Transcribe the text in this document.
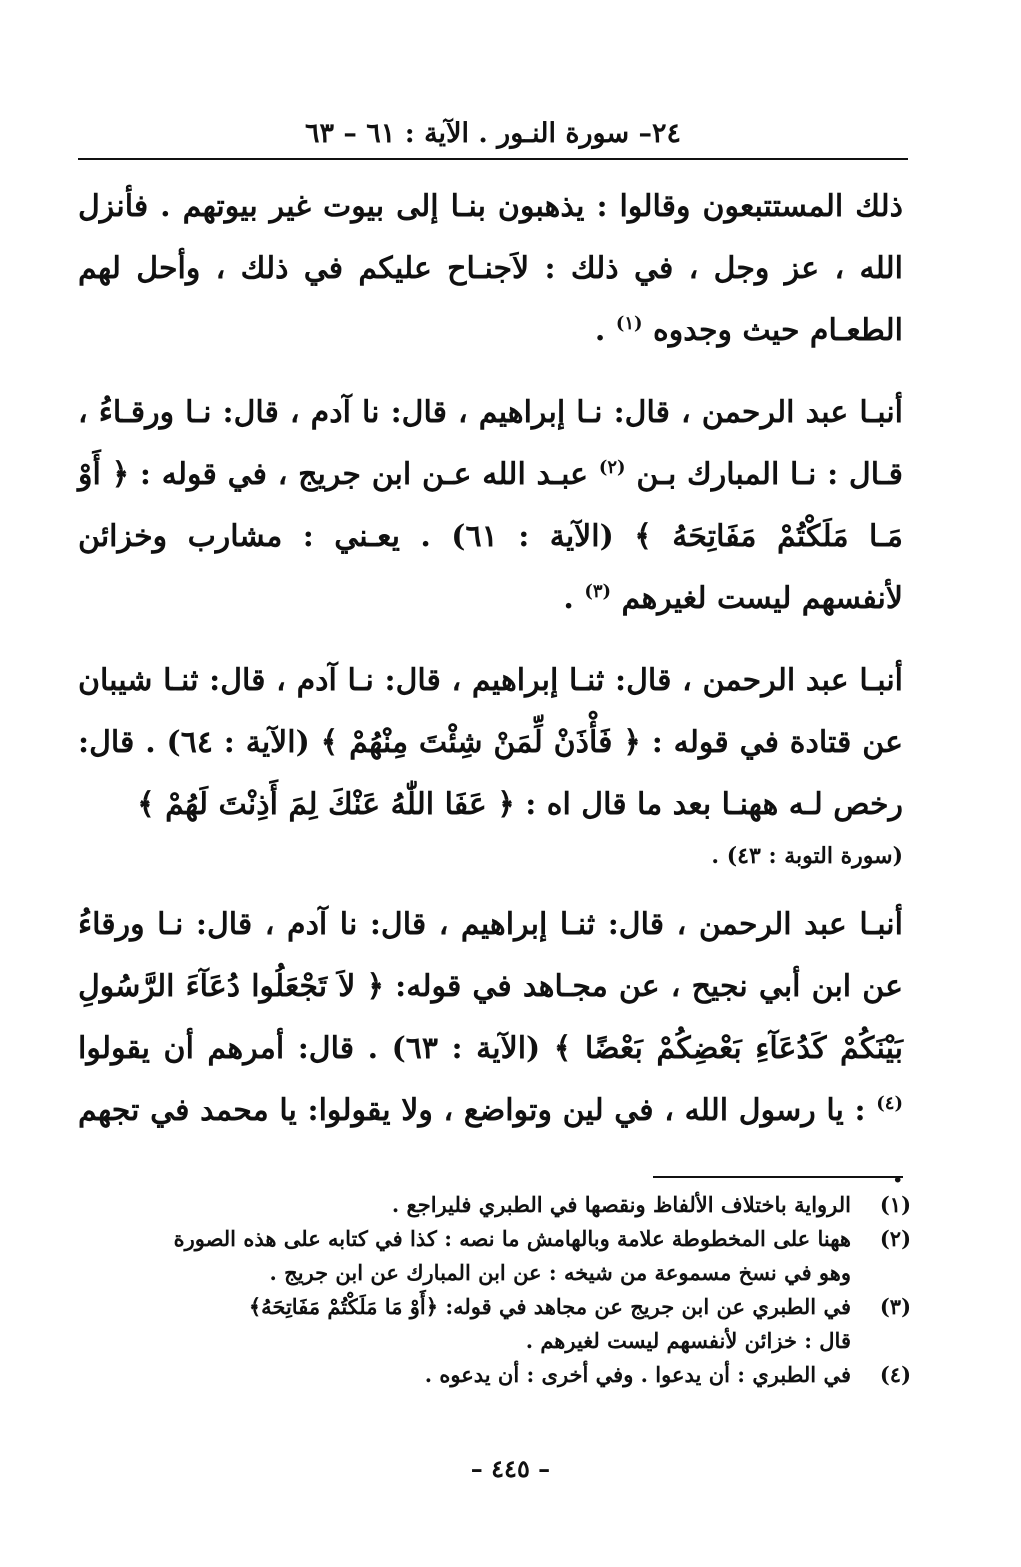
٢٤– سورة النـور . الآية : ٦١ – ٦٣

ذلك المستتبعون وقالوا : يذهبون بنـا إلى بيوت غير بيوتهم . فأنزل الله ، عز وجل ، في ذلك : لاَجنـاح عليكم في ذلك ، وأحل لهم الطعـام حيث وجدوه $^{(١)}$ .

أنبـا عبد الرحمن ، قال: نـا إبراهيم ، قال: نا آدم ، قال: نـا ورقـاءُ ، قـال : نـا المبارك بـن $^{(٢)}$ عبـد الله عـن ابن جريج ، في قوله : ﴿ أَوْ مَـا مَلَكْتُمْ مَفَاتِحَهُ ﴾ (الآية : ٦١) . يعـني : مشارب وخزائن لأنفسهم ليست لغيرهم $^{(٣)}$ .

أنبـا عبد الرحمن ، قال: ثنـا إبراهيم ، قال: نـا آدم ، قال: ثنـا شيبان عن قتادة في قوله : ﴿ فَأْذَنْ لِّمَنْ شِئْتَ مِنْهُمْ ﴾ (الآية : ٦٤) . قال: رخص لـه ههنـا بعد ما قال اه : ﴿ عَفَا اللّٰهُ عَنْكَ لِمَ أَذِنْتَ لَهُمْ ﴾

(سورة التوبة : ٤٣) .

أنبـا عبد الرحمن ، قال: ثنـا إبراهيم ، قال: نا آدم ، قال: نـا ورقاءُ عن ابن أبي نجيح ، عن مجـاهد في قوله: ﴿ لاَ تَجْعَلُوا دُعَآءَ الرَّسُولِ بَيْنَكُمْ كَدُعَآءِ بَعْضِكُمْ بَعْضًا ﴾ (الآية : ٦٣) . قال: أمرهم أن يقولوا $^{(٤)}$ : يا رسول الله ، في لين وتواضع ، ولا يقولوا: يا محمد في تجهم .

(١)
الرواية باختلاف الألفاظ ونقصها في الطبري فليراجع .
(٢)
ههنا على المخطوطة علامة وبالهامش ما نصه : كذا في كتابه على هذه الصورة
وهو في نسخ مسموعة من شيخه : عن ابن المبارك عن ابن جريج .
(٣)
في الطبري عن ابن جريج عن مجاهد في قوله: ﴿أَوْ مَا مَلَكْتُمْ مَفَاتِحَهُ﴾
قال : خزائن لأنفسهم ليست لغيرهم .
(٤)
في الطبري : أن يدعوا . وفي أخرى : أن يدعوه .
– ٤٤٥ –
